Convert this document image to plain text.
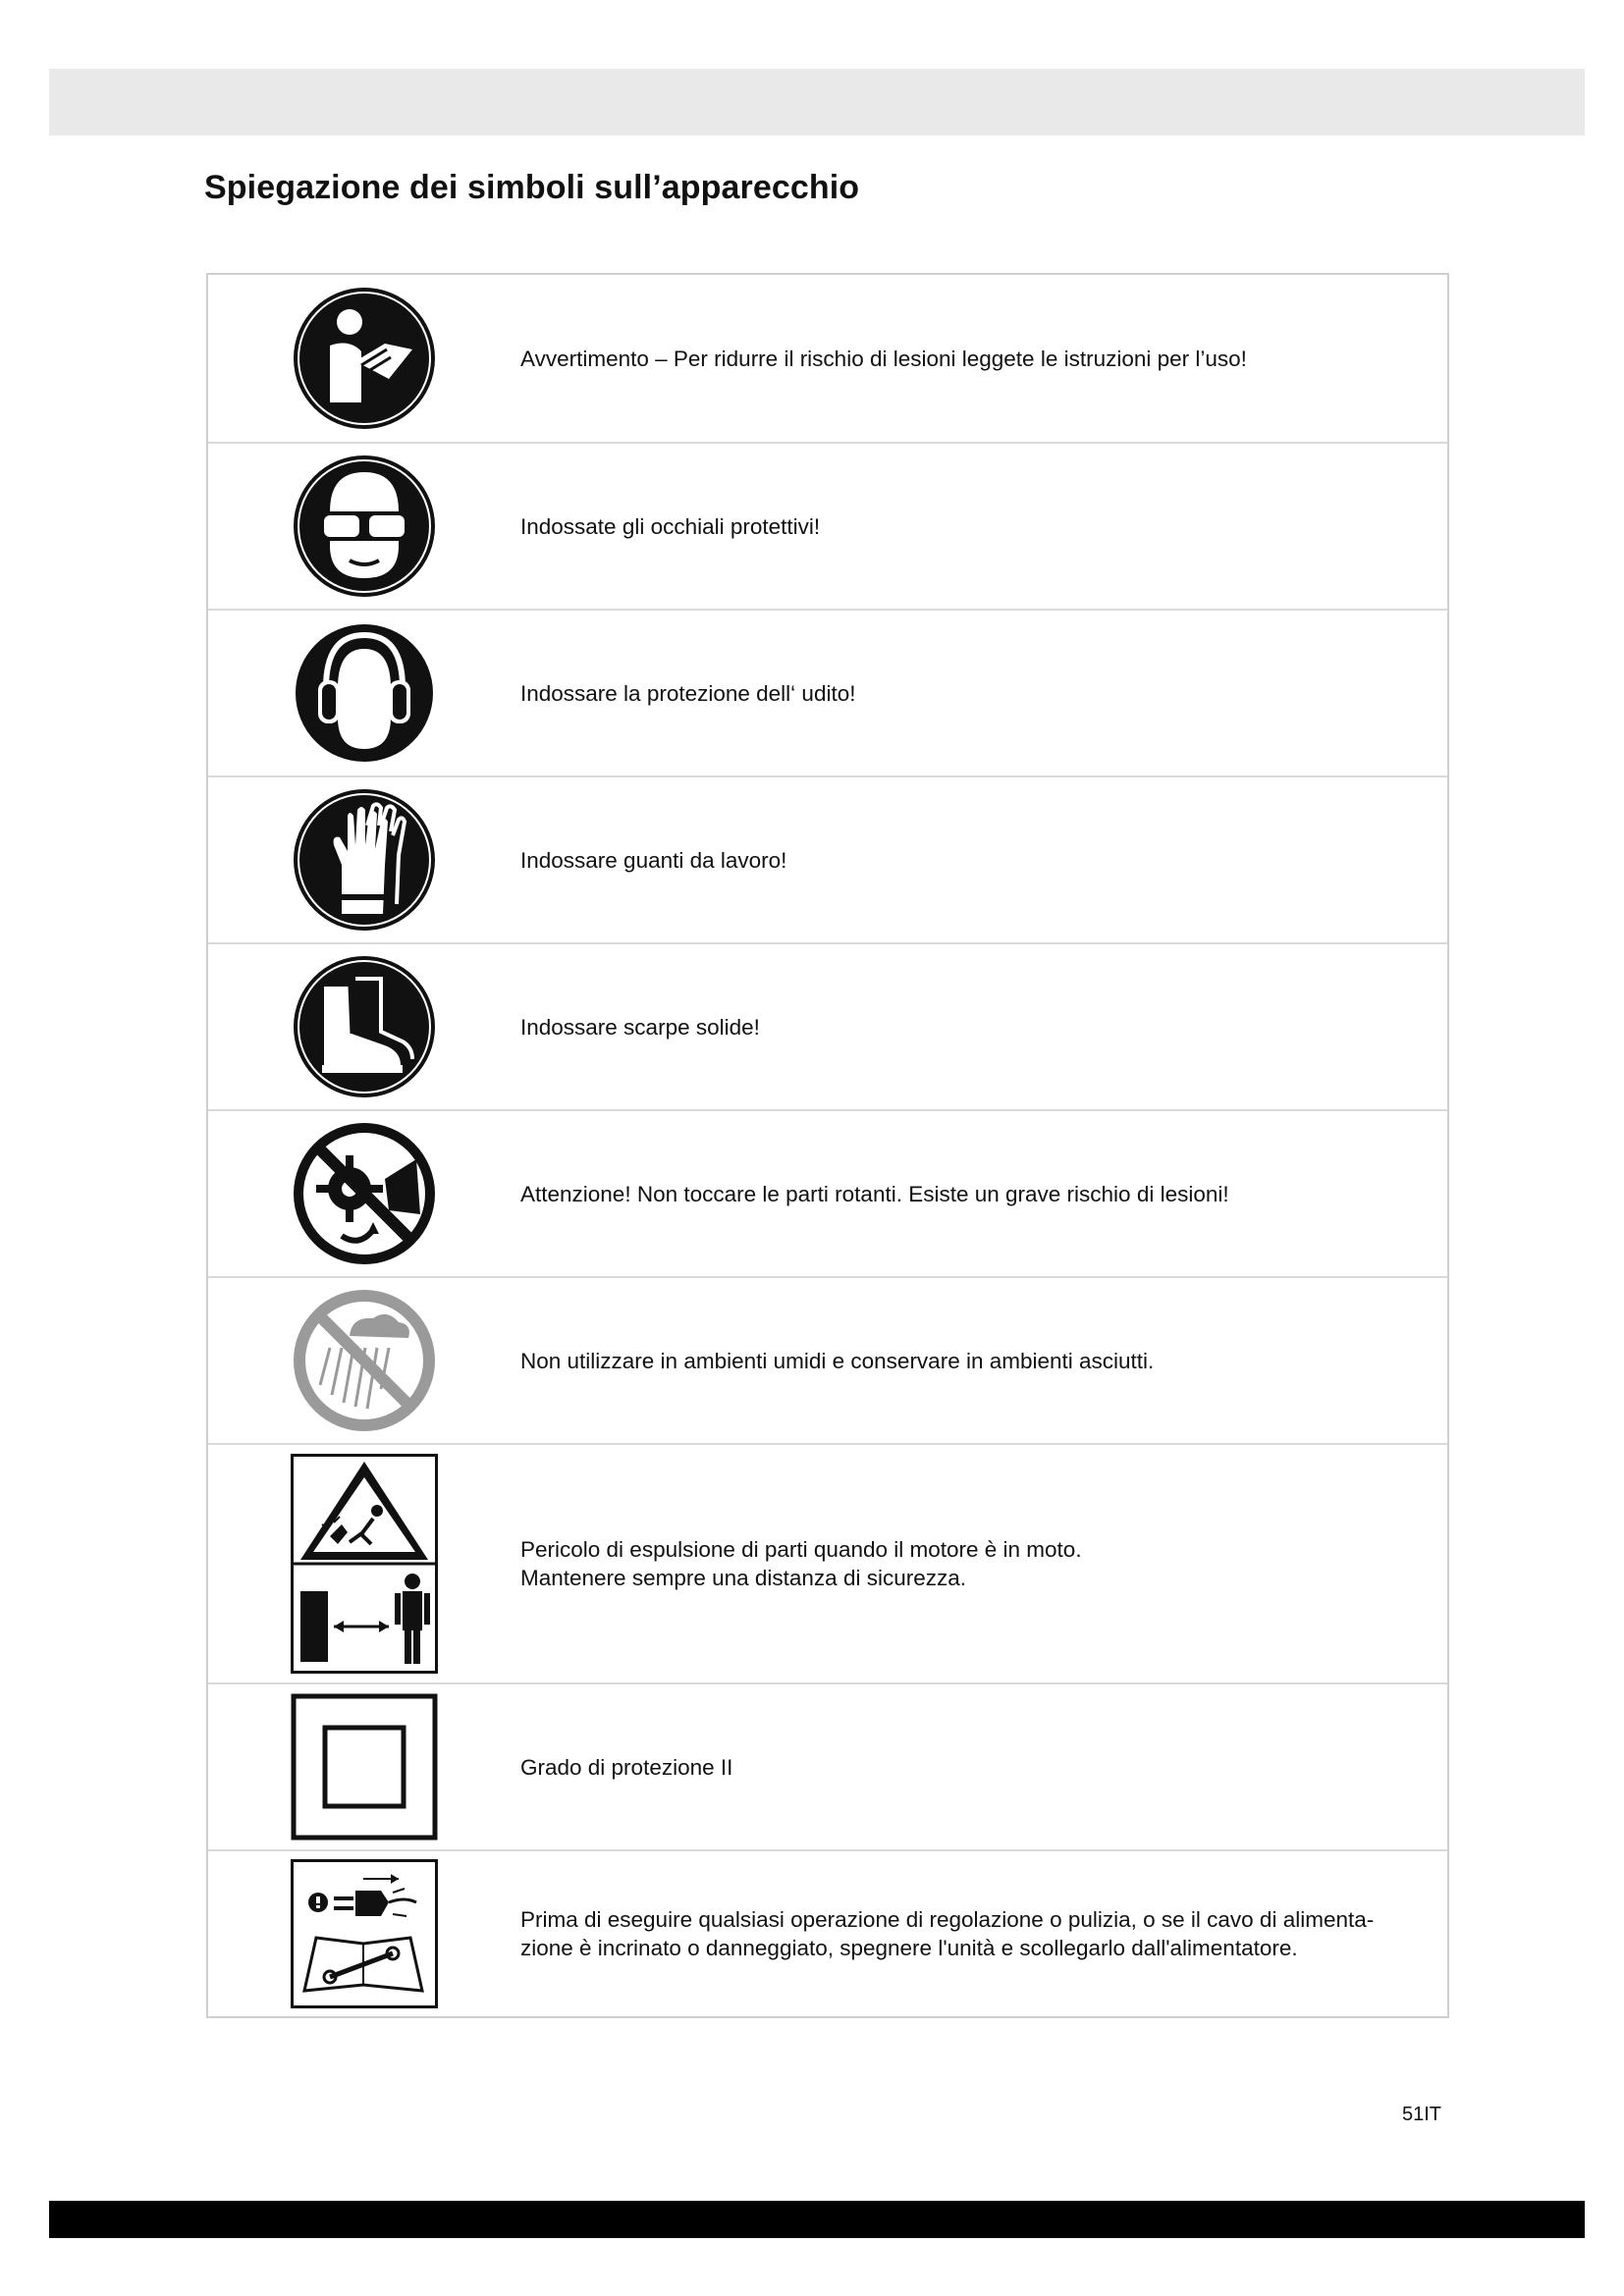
Spiegazione dei simboli sull’apparecchio
Avvertimento – Per ridurre il rischio di lesioni leggete le istruzioni per l’uso!
Indossate gli occhiali protettivi!
Indossare la protezione dell‘ udito!
Indossare guanti da lavoro!
Indossare scarpe solide!
Attenzione! Non toccare le parti rotanti. Esiste un grave rischio di lesioni!
Non utilizzare in ambienti umidi e conservare in ambienti asciutti.
Pericolo di espulsione di parti quando il motore è in moto.
Mantenere sempre una distanza di sicurezza.
Grado di protezione II
Prima di eseguire qualsiasi operazione di regolazione o pulizia, o se il cavo di alimenta-
zione è incrinato o danneggiato, spegnere l'unità e scollegarlo dall'alimentatore.
51IT
